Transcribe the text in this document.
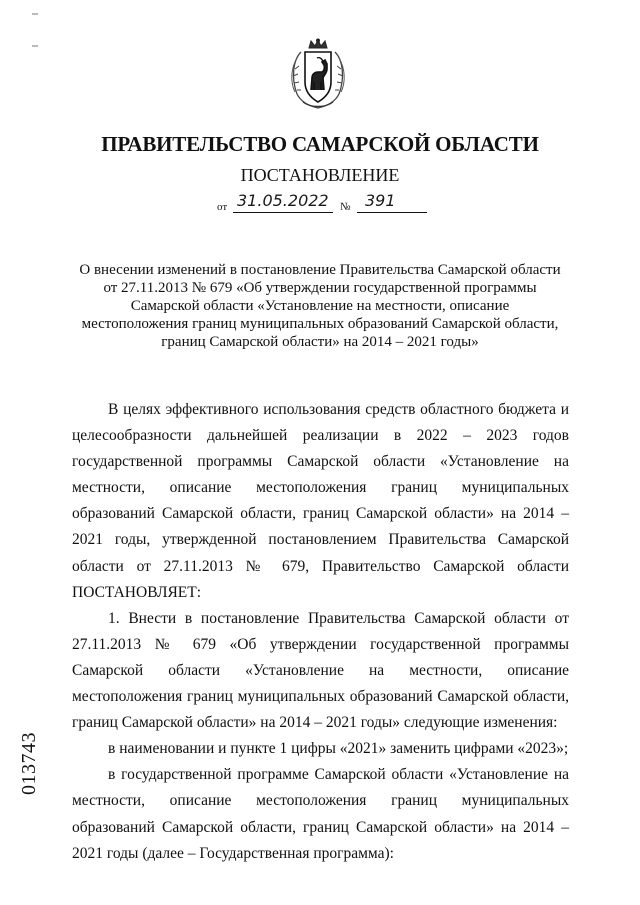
ПРАВИТЕЛЬСТВО САМАРСКОЙ ОБЛАСТИ
ПОСТАНОВЛЕНИЕ
от 31.05.2022 № 391
О внесении изменений в постановление Правительства Самарской области
от 27.11.2013 № 679 «Об утверждении государственной программы
Самарской области «Установление на местности, описание
местоположения границ муниципальных образований Самарской области,
границ Самарской области» на 2014 – 2021 годы»

В целях эффективного использования средств областного бюджета и целесообразности дальнейшей реализации в 2022 – 2023 годов государственной программы Самарской области «Установление на местности, описание местоположения границ муниципальных образований Самарской области, границ Самарской области» на 2014 – 2021 годы, утвержденной постановлением Правительства Самарской области от 27.11.2013 № 679, Правительство Самарской области ПОСТАНОВЛЯЕТ:

1. Внести в постановление Правительства Самарской области от 27.11.2013 № 679 «Об утверждении государственной программы Самарской области «Установление на местности, описание местоположения границ муниципальных образований Самарской области, границ Самарской области» на 2014 – 2021 годы» следующие изменения:

в наименовании и пункте 1 цифры «2021» заменить цифрами «2023»;

в государственной программе Самарской области «Установление на местности, описание местоположения границ муниципальных образований Самарской области, границ Самарской области» на 2014 – 2021 годы (далее – Государственная программа):

013743
